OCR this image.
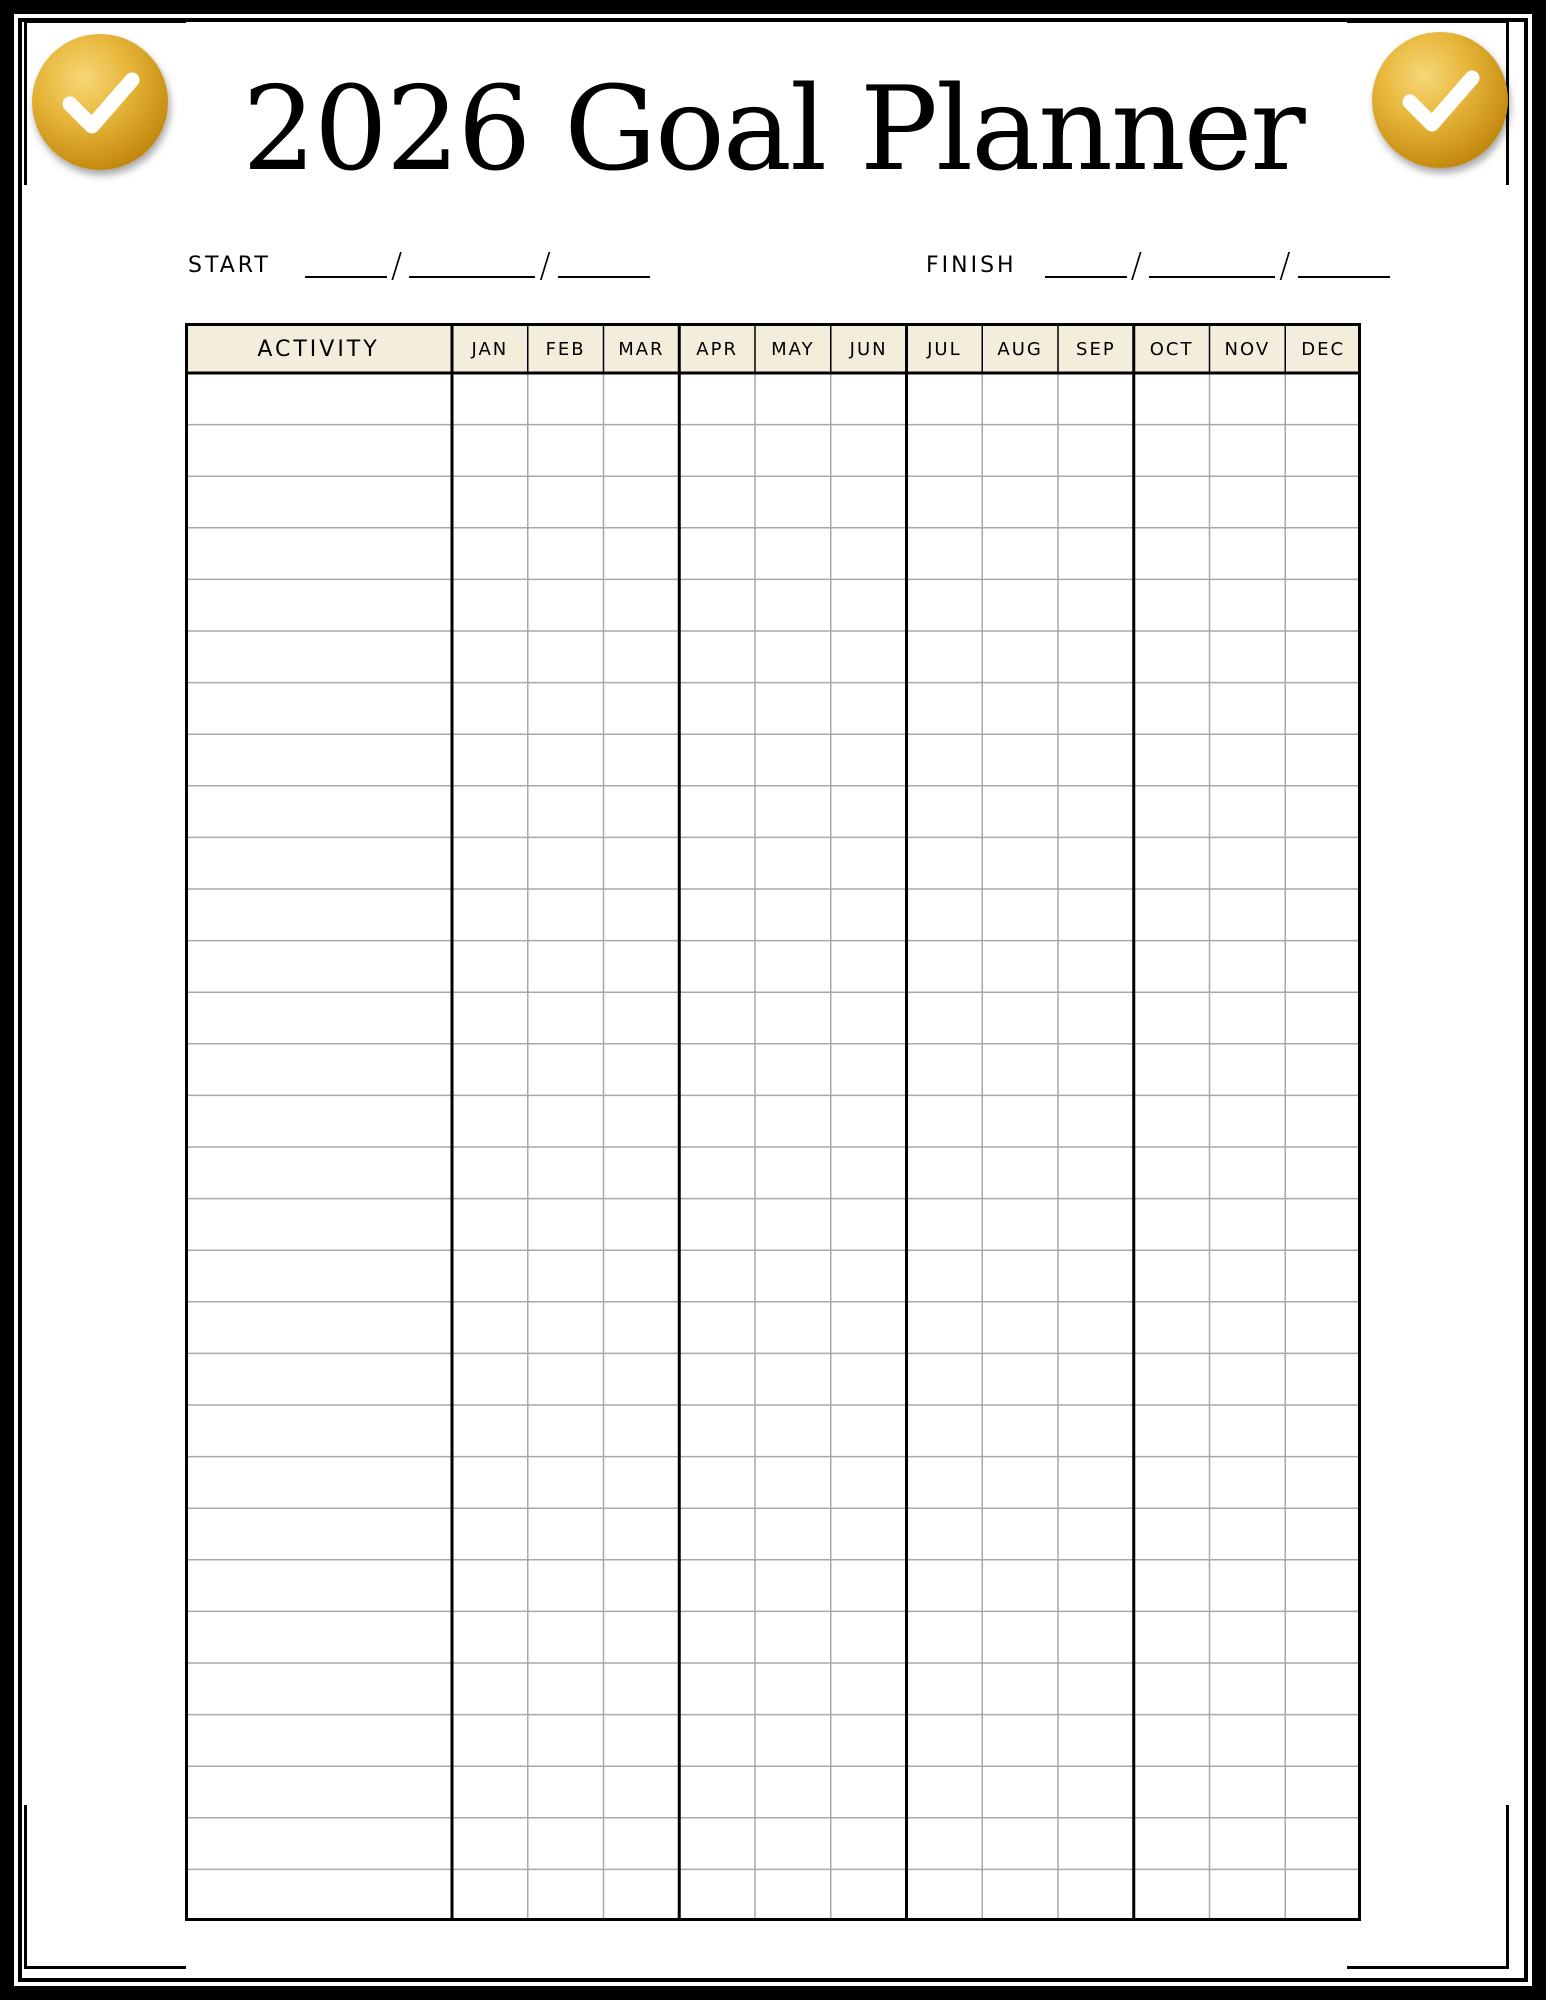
2026 Goal Planner
START	/	/	FINISH	/	/
ACTIVITY	JAN	FEB	MAR	APR	MAY	JUN	JUL	AUG	SEP	OCT	NOV	DEC
